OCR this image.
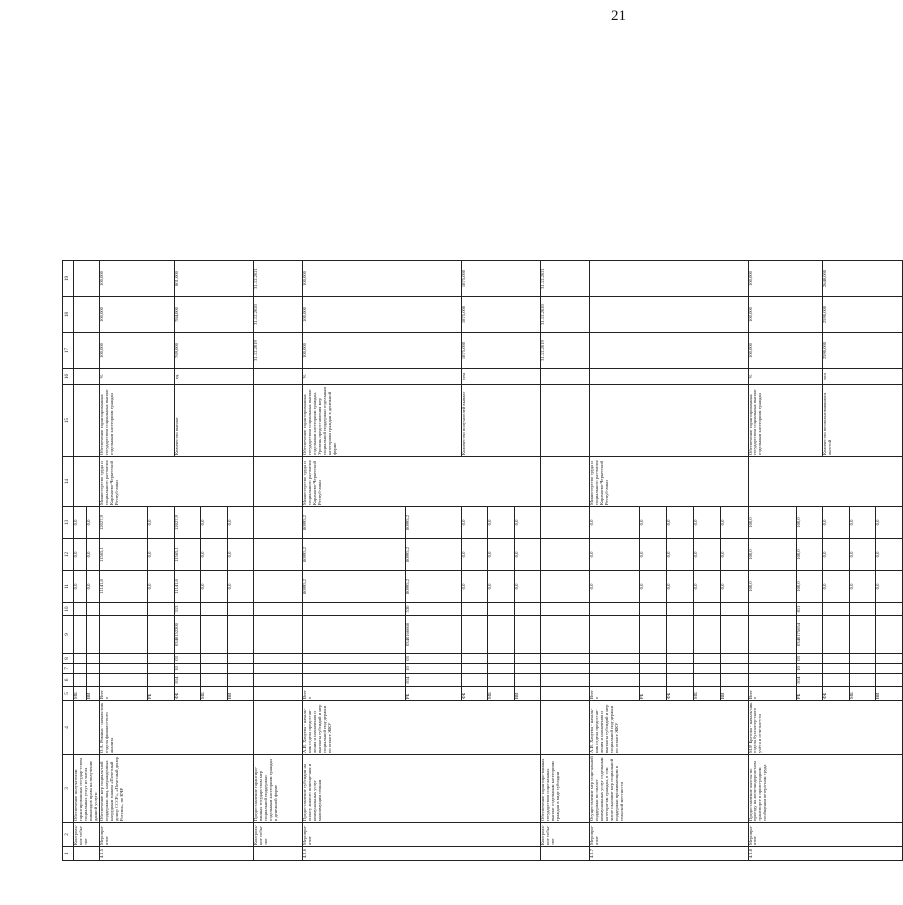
21
1	2	3	4	5	6	7	8	9	10	11	12	13	14	15	16	17	18	19
	Контроль-ное собы-тие	Обеспечение получателям гарантированных государ-ством социальных услуг из числа инвалидов права на получение данной услуги		МБ						0,0	0,0	0,0						
				ВИ						0,0	0,0	0,0						
4.1.5	Меропри-ятие	Обеспечение мер социаль-ной поддержки лиц, награжденных нагрудным знаком «Почетный донор СССР», «Почетный донор России», по КЧР	О.А. Ромина - началь-ник отдела финансо-вого анализа	Всего						11141,8	11565,1	12027,9	Министерство труда и социального раз-вития Карачаево-Черкесской Респуб-лики	Обеспечение гарантированных государством социальных выплат отдельным категориям граждан	%	100,000	100,000	100,000
				РБ						0,0	0,0	0,0						
				ФБ	814	10	03	0340152200	313	11141,8	11565,1	12027,9		Количество выплат	ед.	769,000	784,000	801,000
				МБ						0,0	0,0	0,0						
				ВИ						0,0	0,0	0,0						
	Контроль-ное собы-тие	Предоставление гарантиро-ванных государством мер социальной поддержки отдельным категориям граждан в денежной форме														31.12.2019	31.12.2020	31.12.2021
4.1.6	Меропри-ятие	Предоставление субсидии на оплату жилого помеще-ния и коммунальных услуг малоимущим семьям	А.И. Хачуева - началь-ник отдела предостав-ления и назначения и выплаты субсидий и мер социальной под-держки по оплате ЖКУ	Всего						80995,2	80995,2	80995,2	Министерство труда и социального раз-вития Карачаево-Черкесской Респуб-лики	Обеспечение гарантированных государством социальных выплат отдельным категориям граждан. Уровень предоставления мер социальной поддержки отдельным категориям граждан в денежной форме	%	100,000	100,000	100,000
				РБ	814	10	03	0340166668	530	80995,2	80995,2	80995,2						
				ФБ						0,0	0,0	0,0		Количество получателей выплат	сем	1875,000	1875,000	1875,000
				МБ						0,0	0,0	0,0						
				ВИ						0,0	0,0	0,0						
	Контроль-ное собы-тие	Обеспечение гарантиро-ванных государством соци-альных выплат отдельным категориям граждан в виде субсидии														31.12.2019	31.12.2020	31.12.2021
4.1.7	Меропри-ятие	Осуществление мер соци-альной поддержки по оплате коммунальных услуг отдельным категори-ям граждан, в том числе оказание мер социальной поддержки проживающим в сельской местности	А.И. Хачуева - началь-ник отдела предостав-ления и назначения и выплаты субсидий и мер социальной под-держки по оплате ЖКУ	Всего						0,0	0,0	0,0	Министерство труда и социального раз-вития Карачаево-Черкесской Респуб-лики					
				РБ						0,0	0,0	0,0						
				ФБ						0,0	0,0	0,0						
				МБ						0,0	0,0	0,0						
				ВИ						0,0	0,0	0,0						
4.1.8	Меропри-ятие	Предоставление льготы по проезду на железнодорож-ном транспорте в приго-родном сообщении ветера-нам труда	М.Р. Бретова - началь-ник отдела бухгалтер-ского учёта и отчетно-сти	Всего						100,0	100,0	100,0		Обеспечение гарантированных государством социальных выплат отдельным категориям граждан	%	100,000	100,000	100,000
				РБ	814	10	03	0340175654	811	100,0	100,0	100,0						
				ФБ						0,0	0,0	0,0		Количество воспользовавшихся льготой	чел	2590,000	2590,000	2648,000
				МБ						0,0	0,0	0,0						
				ВИ						0,0	0,0	0,0						
